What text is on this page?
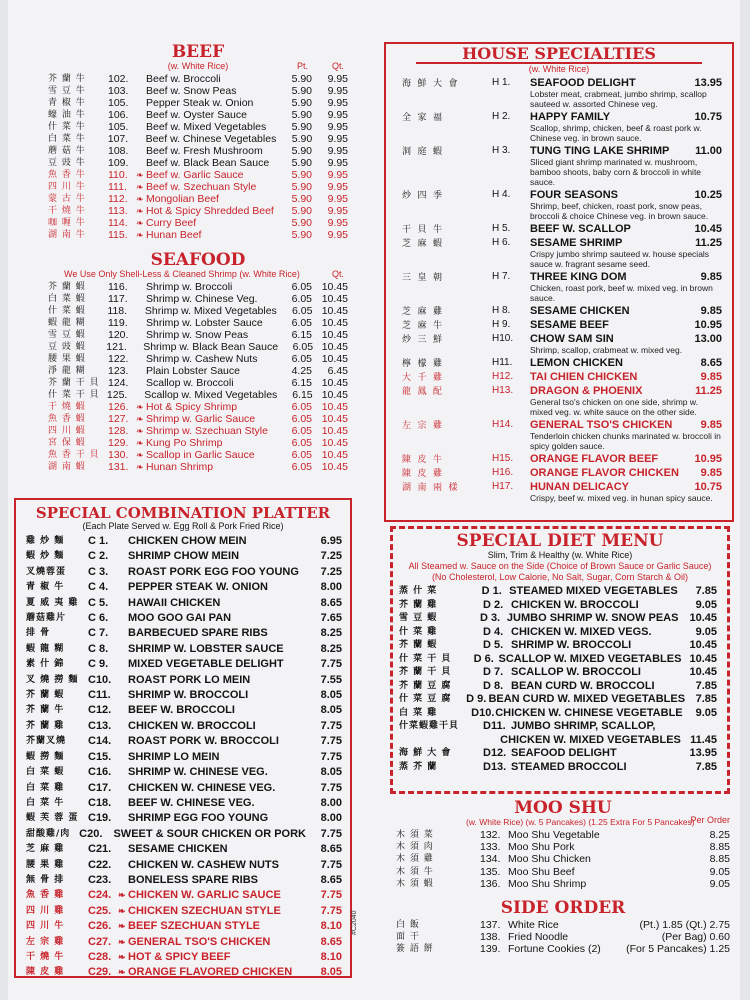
BEEF
(w. White Rice)	Pt.	Qt.
芥 蘭 牛	102.	Beef w. Broccoli	5.90	9.95
雪 豆 牛	103.	Beef w. Snow Peas	5.90	9.95
青 椒 牛	105.	Pepper Steak w. Onion	5.90	9.95
蠔 油 牛	106.	Beef w. Oyster Sauce	5.90	9.95
什 菜 牛	105.	Beef w. Mixed Vegetables	5.90	9.95
白 菜 牛	107.	Beef w. Chinese Vegetables	5.90	9.95
蘑 菇 牛	108.	Beef w. Fresh Mushroom	5.90	9.95
豆 豉 牛	109.	Beef w. Black Bean Sauce	5.90	9.95
魚 香 牛	110. ❧ Beef w. Garlic Sauce	5.90	9.95
四 川 牛	111.	❧ Beef w. Szechuan Style	5.90	9.95
蒙 古 牛	112. ❧ Mongolian Beef	5.90	9.95
干 燒 牛	113. ❧ Hot & Spicy Shredded Beef	5.90	9.95
咖 喱 牛	114. ❧ Curry Beef	5.90	9.95
湖 南 牛	115. ❧ Hunan Beef	5.90	9.95
SEAFOOD
We Use Only Shell-Less & Cleaned Shrimp (w. White Rice)	Qt.
芥 蘭 蝦	116.	Shrimp w. Broccoli	6.05 10.45
白 菜 蝦	117.	Shrimp w. Chinese Veg.	6.05 10.45
什 菜 蝦	118.	Shrimp w. Mixed Vegetables	6.05 10.45
蝦 龍 糊	119.	Shrimp w. Lobster Sauce	6.05 10.45
雪 豆 蝦	120.	Shrimp w. Snow Peas	6.15 10.45
豆 豉 蝦	121.	Shrimp w. Black Bean Sauce	6.05 10.45
腰 果 蝦	122.	Shrimp w. Cashew Nuts	6.05 10.45
淨 龍 糊	123.	Plain Lobster Sauce	4.25	6.45
芥 蘭 干 貝 124.	Scallop w. Broccoli	6.15 10.45
什 菜 干 貝 125.	Scallop w. Mixed Vegetables	6.15 10.45
干 燒 蝦	126. ❧ Hot & Spicy Shrimp	6.05 10.45
魚 香 蝦	127. ❧ Shrimp w. Garlic Sauce	6.05 10.45
四 川 蝦	128. ❧ Shrimp w. Szechuan Style	6.05 10.45
宮 保 蝦	129. ❧ Kung Po Shrimp	6.05 10.45
魚 香 干 貝 130. ❧ Scallop in Garlic Sauce	6.05 10.45
湖 南 蝦	131. ❧ Hunan Shrimp	6.05 10.45
SPECIAL COMBINATION PLATTER
(Each Plate Served w. Egg Roll & Pork Fried Rice)
雞 炒 麵	C 1.	CHICKEN CHOW MEIN	6.95
蝦 炒 麵	C 2.	SHRIMP CHOW MEIN	7.25
叉燒蓉蛋	C 3.	ROAST PORK EGG FOO YOUNG	7.25
青 椒 牛	C 4.	PEPPER STEAK W. ONION	8.00
夏 威 夷 雞 C 5.	HAWAII CHICKEN	8.65
蘑菇雞片	C 6.	MOO GOO GAI PAN	7.65
排 骨	C 7.	BARBECUED SPARE RIBS	8.25
蝦 龍 糊	C 8.	SHRIMP W. LOBSTER SAUCE	8.25
素 什 錦	C 9.	MIXED VEGETABLE DELIGHT	7.75
叉 燒 撈 麵 C10.	ROAST PORK LO MEIN	7.55
芥 蘭 蝦	C11.	SHRIMP W. BROCCOLI	8.05
芥 蘭 牛	C12.	BEEF W. BROCCOLI	8.05
芥 蘭 雞	C13.	CHICKEN W. BROCCOLI	7.75
芥蘭叉燒	C14.	ROAST PORK W. BROCCOLI	7.75
蝦 撈 麵	C15.	SHRIMP LO MEIN	7.75
白 菜 蝦	C16.	SHRIMP W. CHINESE VEG.	8.05
白 菜 雞	C17.	CHICKEN W. CHINESE VEG.	7.75
白 菜 牛	C18.	BEEF W. CHINESE VEG.	8.00
蝦 芙 蓉 蛋 C19.	SHRIMP EGG FOO YOUNG	8.00
甜酸雞/肉 C20. SWEET & SOUR CHICKEN OR PORK	7.75
芝 麻 雞	C21.	SESAME CHICKEN	8.65
腰 果 雞	C22.	CHICKEN W. CASHEW NUTS	7.75
無 骨 排	C23.	BONELESS SPARE RIBS	8.65
魚 香 雞	C24. ❧ CHICKEN W. GARLIC SAUCE	7.75
四 川 雞	C25. ❧ CHICKEN SZECHUAN STYLE	7.75
四 川 牛	C26. ❧ BEEF SZECHUAN STYLE	8.10
左 宗 雞	C27. ❧ GENERAL TSO'S CHICKEN	8.65
干 燒 牛	C28. ❧ HOT & SPICY BEEF	8.10
陳 皮 雞	C29. ❧ ORANGE FLAVORED CHICKEN	8.05
#C2040
HOUSE SPECIALTIES
(w. White Rice)
海 鮮 大 會	H 1.	SEAFOOD DELIGHT	13.95
Lobster meat, crabmeat, jumbo shrimp, scallop sauteed w. assorted Chinese veg.
全 家 福	H 2.	HAPPY FAMILY	10.75
Scallop, shrimp, chicken, beef & roast pork w. Chinese veg. in brown sauce.
洞 庭 蝦	H 3.	TUNG TING LAKE SHRIMP 11.00
Sliced giant shrimp marinated w. mushroom, bamboo shoots, baby corn & broccoli in white sauce.
炒 四 季	H 4.	FOUR SEASONS	10.25
Shrimp, beef, chicken, roast pork, snow peas, broccoli & choice Chinese veg. in brown sauce.
干 貝 牛	H 5.	BEEF W. SCALLOP	10.45
芝 麻 蝦	H 6.	SESAME SHRIMP	11.25
Crispy jumbo shrimp sauteed w. house specials sauce w. fragrant sesame seed.
三 皇 朝	H 7.	THREE KING DOM	9.85
Chicken, roast pork, beef w. mixed veg. in brown sauce.
芝 麻 雞	H 8.	SESAME CHICKEN	9.85
芝 麻 牛	H 9.	SESAME BEEF	10.95
炒 三 鮮	H10.	CHOW SAM SIN	13.00
Shrimp, scallop, crabmeat w. mixed veg.
檸 檬 雞	H11.	LEMON CHICKEN	8.65
大 千 雞	H12.	TAI CHIEN CHICKEN	9.85
龍 鳳 配	H13.	DRAGON & PHOENIX	11.25
General tso's chicken on one side, shrimp w. mixed veg. w. white sauce on the other side.
左 宗 雞	H14.	GENERAL TSO'S CHICKEN	9.85
Tenderloin chicken chunks marinated w. broccoli in spicy golden sauce.
陳 皮 牛	H15.	ORANGE FLAVOR BEEF	10.95
陳 皮 雞	H16.	ORANGE FLAVOR CHICKEN 9.85
湖 南 兩 樣	H17.	HUNAN DELICACY	10.75
Crispy, beef w. mixed veg. in hunan spicy sauce.
SPECIAL DIET MENU
Slim, Trim & Healthy (w. White Rice)
All Steamed w. Sauce on the Side (Choice of Brown Sauce or Garlic Sauce)
(No Cholesterol, Low Calorie, No Salt, Sugar, Corn Starch & Oil)
蒸 什 菜	D 1. STEAMED MIXED VEGETABLES	7.85
芥 蘭 雞	D 2. CHICKEN W. BROCCOLI	9.05
雪 豆 蝦	D 3. JUMBO SHRIMP W. SNOW PEAS	10.45
什 菜 雞	D 4. CHICKEN W. MIXED VEGS.	9.05
芥 蘭 蝦	D 5. SHRIMP W. BROCCOLI	10.45
什 菜 干 貝	D 6. SCALLOP W. MIXED VEGETABLES 10.45
芥 蘭 干 貝	D 7. SCALLOP W. BROCCOLI	10.45
芥 蘭 豆 腐	D 8. BEAN CURD W. BROCCOLI	7.85
什 菜 豆 腐	D 9. BEAN CURD W. MIXED VEGETABLES 7.85
白 菜 雞	D10. CHICKEN W. CHINESE VEGETABLE	9.05
什菜蝦雞干貝	D11. JUMBO SHRIMP, SCALLOP,
CHICKEN W. MIXED VEGETABLES 11.45
海 鮮 大 會	D12. SEAFOOD DELIGHT	13.95
蒸 芥 蘭	D13. STEAMED BROCCOLI	7.85
MOO SHU
(w. White Rice) (w. 5 Pancakes) (1.25 Extra For 5 Pancakes)
Per Order
木 須 菜	132. Moo Shu Vegetable	8.25
木 須 肉	133. Moo Shu Pork	8.85
木 須 雞	134. Moo Shu Chicken	8.85
木 須 牛	135. Moo Shu Beef	9.05
木 須 蝦	136. Moo Shu Shrimp	9.05
SIDE ORDER
白 飯	137. White Rice	(Pt.) 1.85 (Qt.) 2.75
面 干	138. Fried Noodle	(Per Bag) 0.60
簽 語 餅	139. Fortune Cookies (2)	(For 5 Pancakes) 1.25
